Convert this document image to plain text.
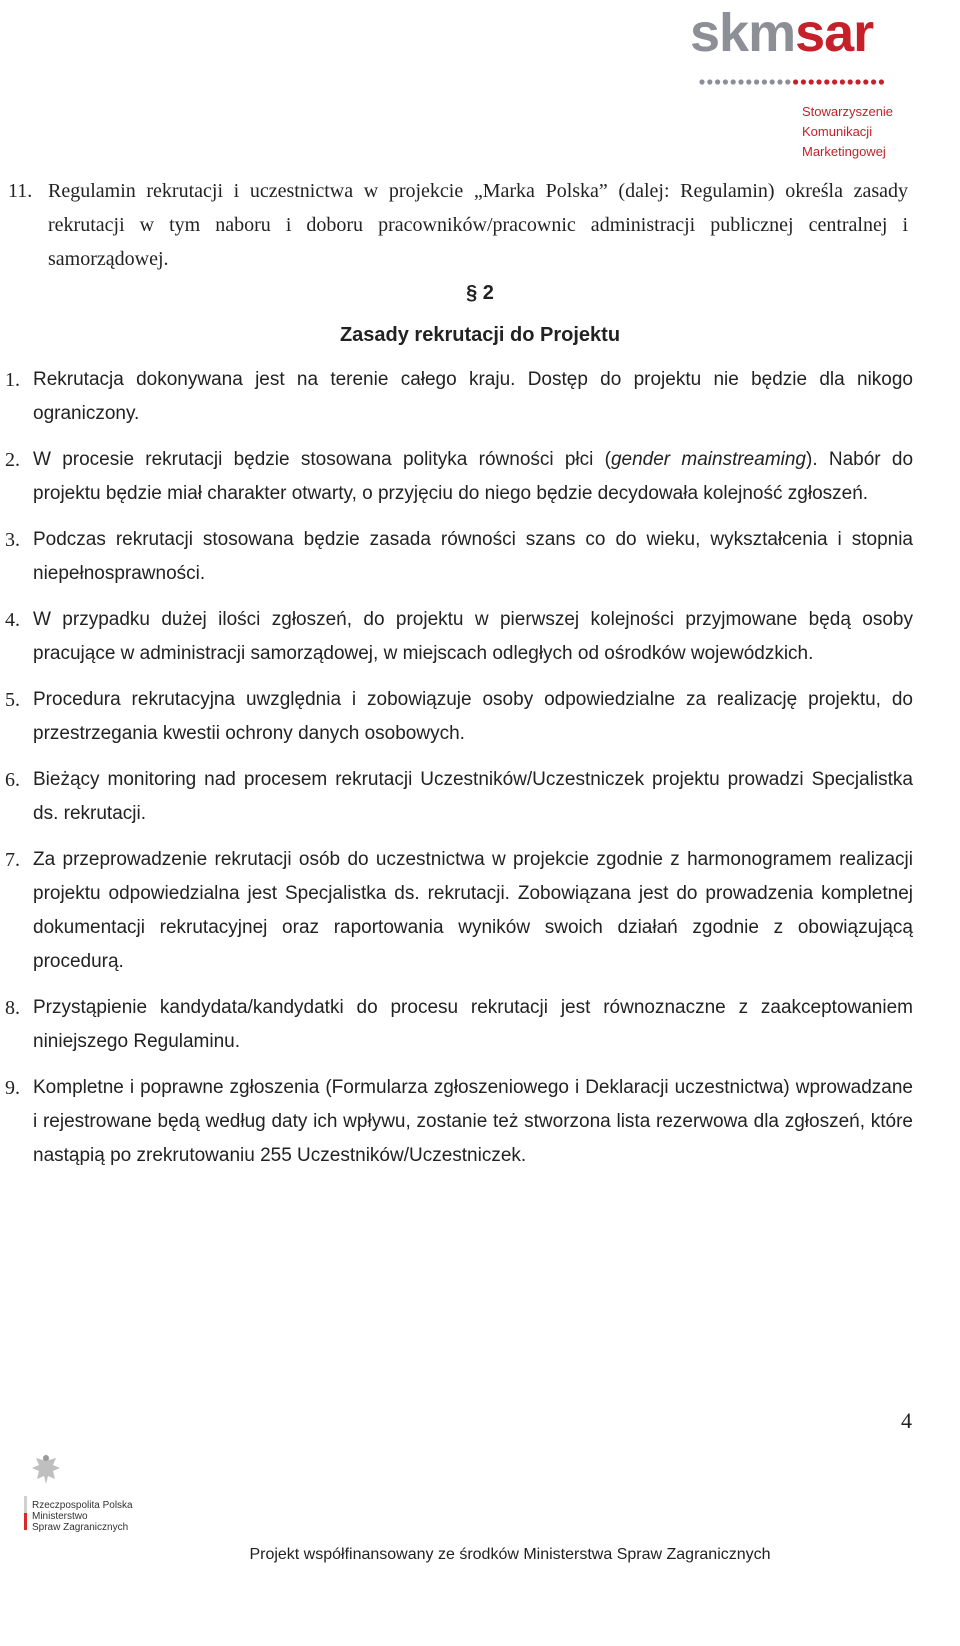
skmsar
Stowarzyszenie
Komunikacji
Marketingowej
11. Regulamin rekrutacji i uczestnictwa w projekcie „Marka Polska” (dalej: Regulamin) określa zasady rekrutacji w tym naboru i doboru pracowników/pracownic administracji publicznej centralnej i samorządowej.
§ 2
Zasady rekrutacji do Projektu
1. Rekrutacja dokonywana jest na terenie całego kraju. Dostęp do projektu nie będzie dla nikogo ograniczony.
2. W procesie rekrutacji będzie stosowana polityka równości płci (gender mainstreaming). Nabór do projektu będzie miał charakter otwarty, o przyjęciu do niego będzie decydowała kolejność zgłoszeń.
3. Podczas rekrutacji stosowana będzie zasada równości szans co do wieku, wykształcenia i stopnia niepełnosprawności.
4. W przypadku dużej ilości zgłoszeń, do projektu w pierwszej kolejności przyjmowane będą osoby pracujące w administracji samorządowej, w miejscach odległych od ośrodków wojewódzkich.
5. Procedura rekrutacyjna uwzględnia i zobowiązuje osoby odpowiedzialne za realizację projektu, do przestrzegania kwestii ochrony danych osobowych.
6. Bieżący monitoring nad procesem rekrutacji Uczestników/Uczestniczek projektu prowadzi Specjalistka ds. rekrutacji.
7. Za przeprowadzenie rekrutacji osób do uczestnictwa w projekcie zgodnie z harmonogramem realizacji projektu odpowiedzialna jest Specjalistka ds. rekrutacji. Zobowiązana jest do prowadzenia kompletnej dokumentacji rekrutacyjnej oraz raportowania wyników swoich działań zgodnie z obowiązującą procedurą.
8. Przystąpienie kandydata/kandydatki do procesu rekrutacji jest równoznaczne z zaakceptowaniem niniejszego Regulaminu.
9. Kompletne i poprawne zgłoszenia (Formularza zgłoszeniowego i Deklaracji uczestnictwa) wprowadzane i rejestrowane będą według daty ich wpływu, zostanie też stworzona lista rezerwowa dla zgłoszeń, które nastąpią po zrekrutowaniu 255 Uczestników/Uczestniczek.
4
Rzeczpospolita Polska
Ministerstwo
Spraw Zagranicznych
Projekt współfinansowany ze środków Ministerstwa Spraw Zagranicznych
